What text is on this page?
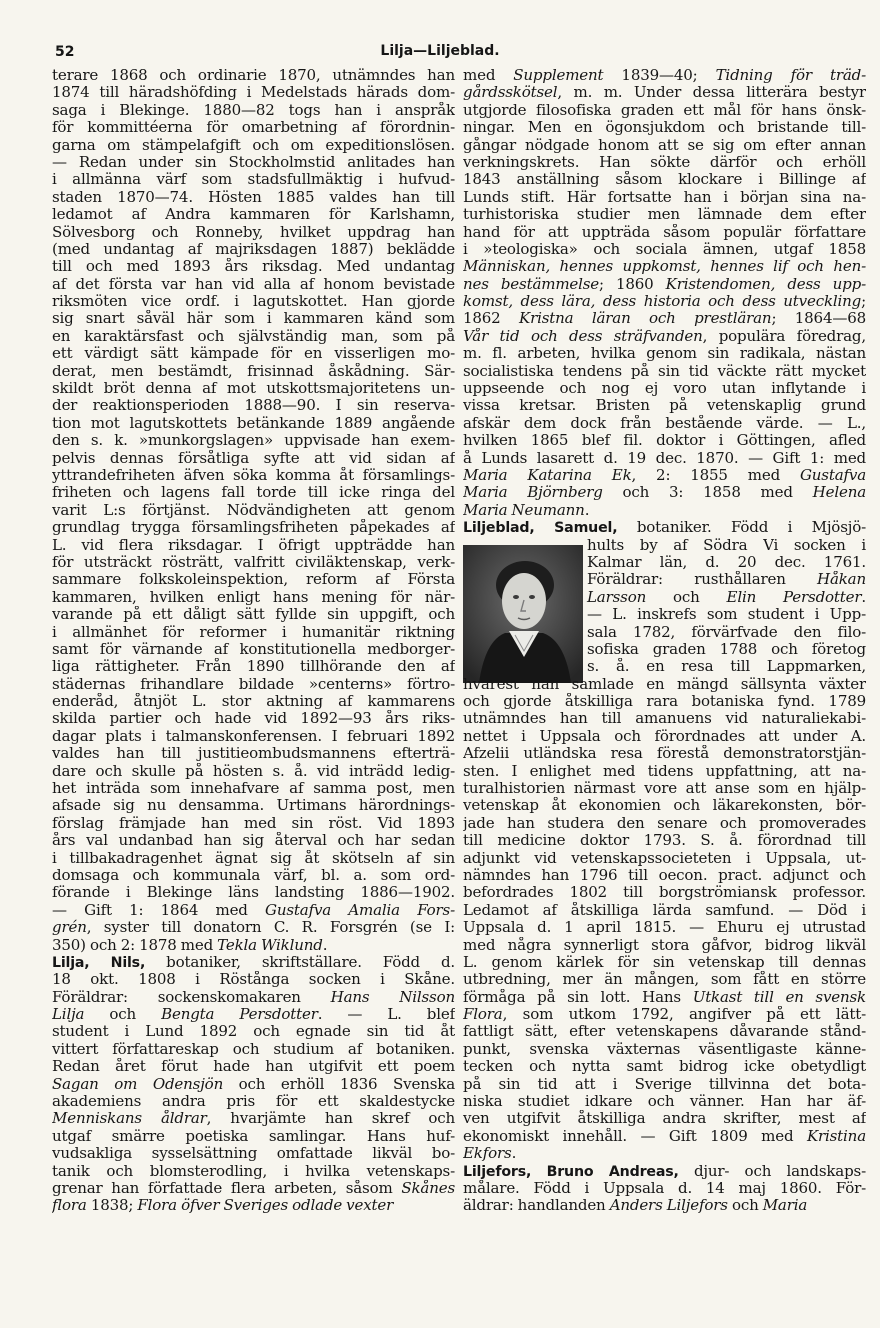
52	Lilja—Liljeblad.
terare 1868 och ordinarie 1870, utnämndes han
1874 till häradshöfding i Medelstads härads dom-
saga i Blekinge. 1880—82 togs han i anspråk
för kommittéerna för omarbetning af förordnin-
garna om stämpelafgift och om expeditionslösen.
— Redan under sin Stockholmstid anlitades han
i allmänna värf som stadsfullmäktig i hufvud-
staden 1870—74. Hösten 1885 valdes han till
ledamot af Andra kammaren för Karlshamn,
Sölvesborg och Ronneby, hvilket uppdrag han
(med undantag af majriksdagen 1887) beklädde
till och med 1893 års riksdag. Med undantag
af det första var han vid alla af honom bevistade
riksmöten vice ordf. i lagutskottet. Han gjorde
sig snart såväl här som i kammaren känd som
en karaktärsfast och självständig man, som på
ett värdigt sätt kämpade för en visserligen mo-
derat, men bestämdt, frisinnad åskådning. Sär-
skildt bröt denna af mot utskottsmajoritetens un-
der reaktionsperioden 1888—90. I sin reserva-
tion mot lagutskottets betänkande 1889 angående
den s. k. »munkorgslagen» uppvisade han exem-
pelvis dennas försåtliga syfte att vid sidan af
yttrandefriheten äfven söka komma åt församlings-
friheten och lagens fall torde till icke ringa del
varit L:s förtjänst. Nödvändigheten att genom
grundlag trygga församlingsfriheten påpekades af
L. vid flera riksdagar. I öfrigt uppträdde han
för utsträckt rösträtt, valfritt civiläktenskap, verk-
sammare folkskoleinspektion, reform af Första
kammaren, hvilken enligt hans mening för när-
varande på ett dåligt sätt fyllde sin uppgift, och
i allmänhet för reformer i humanitär riktning
samt för värnande af konstitutionella medborger-
liga rättigheter. Från 1890 tillhörande den af
städernas frihandlare bildade »centerns» förtro-
enderåd, åtnjöt L. stor aktning af kammarens
skilda partier och hade vid 1892—93 års riks-
dagar plats i talmanskonferensen. I februari 1892
valdes han till justitieombudsmannens efterträ-
dare och skulle på hösten s. å. vid inträdd ledig-
het inträda som innehafvare af samma post, men
afsade sig nu densamma. Urtimans härordnings-
förslag främjade han med sin röst. Vid 1893
års val undanbad han sig återval och har sedan
i tillbakadragenhet ägnat sig åt skötseln af sin
domsaga och kommunala värf, bl. a. som ord-
förande i Blekinge läns landsting 1886—1902.
— Gift 1: 1864 med Gustafva Amalia Fors-
grén, syster till donatorn C. R. Forsgrén (se I:
350) och 2: 1878 med Tekla Wiklund.
Lilja, Nils, botaniker, skriftställare. Född d.
18 okt. 1808 i Röstånga socken i Skåne.
Föräldrar: sockenskomakaren Hans Nilsson
Lilja och Bengta Persdotter. — L. blef
student i Lund 1892 och egnade sin tid åt
vittert författareskap och studium af botaniken.
Redan året förut hade han utgifvit ett poem
Sagan om Odensjön och erhöll 1836 Svenska
akademiens andra pris för ett skaldestycke
Menniskans åldrar, hvarjämte han skref och
utgaf smärre poetiska samlingar. Hans huf-
vudsakliga sysselsättning omfattade likväl bo-
tanik och blomsterodling, i hvilka vetenskaps-
grenar han författade flera arbeten, såsom Skånes
flora 1838; Flora öfver Sveriges odlade vexter
med Supplement 1839—40; Tidning för träd-
gårdsskötsel, m. m. Under dessa litterära bestyr
utgjorde filosofiska graden ett mål för hans önsk-
ningar. Men en ögonsjukdom och bristande till-
gångar nödgade honom att se sig om efter annan
verkningskrets. Han sökte därför och erhöll
1843 anställning såsom klockare i Billinge af
Lunds stift. Här fortsatte han i början sina na-
turhistoriska studier men lämnade dem efter
hand för att uppträda såsom populär författare
i »teologiska» och sociala ämnen, utgaf 1858
Människan, hennes uppkomst, hennes lif och hen-
nes bestämmelse; 1860 Kristendomen, dess upp-
komst, dess lära, dess historia och dess utveckling;
1862 Kristna läran och prestläran; 1864—68
Vår tid och dess sträfvanden, populära föredrag,
m. fl. arbeten, hvilka genom sin radikala, nästan
socialistiska tendens på sin tid väckte rätt mycket
uppseende och nog ej voro utan inflytande i
vissa kretsar. Bristen på vetenskaplig grund
afskär dem dock från bestående värde. — L.,
hvilken 1865 blef fil. doktor i Göttingen, afled
å Lunds lasarett d. 19 dec. 1870. — Gift 1: med
Maria Katarina Ek, 2: 1855 med Gustafva
Maria Björnberg och 3: 1858 med Helena
Maria Neumann.
Liljeblad, Samuel, botaniker. Född i Mjösjö-
hults by af Södra Vi socken i
Kalmar län, d. 20 dec. 1761.
Föräldrar: rusthållaren Håkan
Larsson och Elin Persdotter.
— L. inskrefs som student i Upp-
sala 1782, förvärfvade den filo-
sofiska graden 1788 och företog
s. å. en resa till Lappmarken,
hvarest han samlade en mängd sällsynta växter
och gjorde åtskilliga rara botaniska fynd. 1789
utnämndes han till amanuens vid naturaliekabi-
nettet i Uppsala och förordnades att under A.
Afzelii utländska resa förestå demonstratorstjän-
sten. I enlighet med tidens uppfattning, att na-
turalhistorien närmast vore att anse som en hjälp-
vetenskap åt ekonomien och läkarekonsten, bör-
jade han studera den senare och promoverades
till medicine doktor 1793. S. å. förordnad till
adjunkt vid vetenskapssocieteten i Uppsala, ut-
nämndes han 1796 till oecon. pract. adjunct och
befordrades 1802 till borgströmiansk professor.
Ledamot af åtskilliga lärda samfund. — Död i
Uppsala d. 1 april 1815. — Ehuru ej utrustad
med några synnerligt stora gåfvor, bidrog likväl
L. genom kärlek för sin vetenskap till dennas
utbredning, mer än mången, som fått en större
förmåga på sin lott. Hans Utkast till en svensk
Flora, som utkom 1792, angifver på ett lätt-
fattligt sätt, efter vetenskapens dåvarande stånd-
punkt, svenska växternas väsentligaste känne-
tecken och nytta samt bidrog icke obetydligt
på sin tid att i Sverige tillvinna det bota-
niska studiet idkare och vänner. Han har äf-
ven utgifvit åtskilliga andra skrifter, mest af
ekonomiskt innehåll. — Gift 1809 med Kristina
Ekfors.
Liljefors, Bruno Andreas, djur- och landskaps-
målare. Född i Uppsala d. 14 maj 1860. För-
äldrar: handlanden Anders Liljefors och Maria
